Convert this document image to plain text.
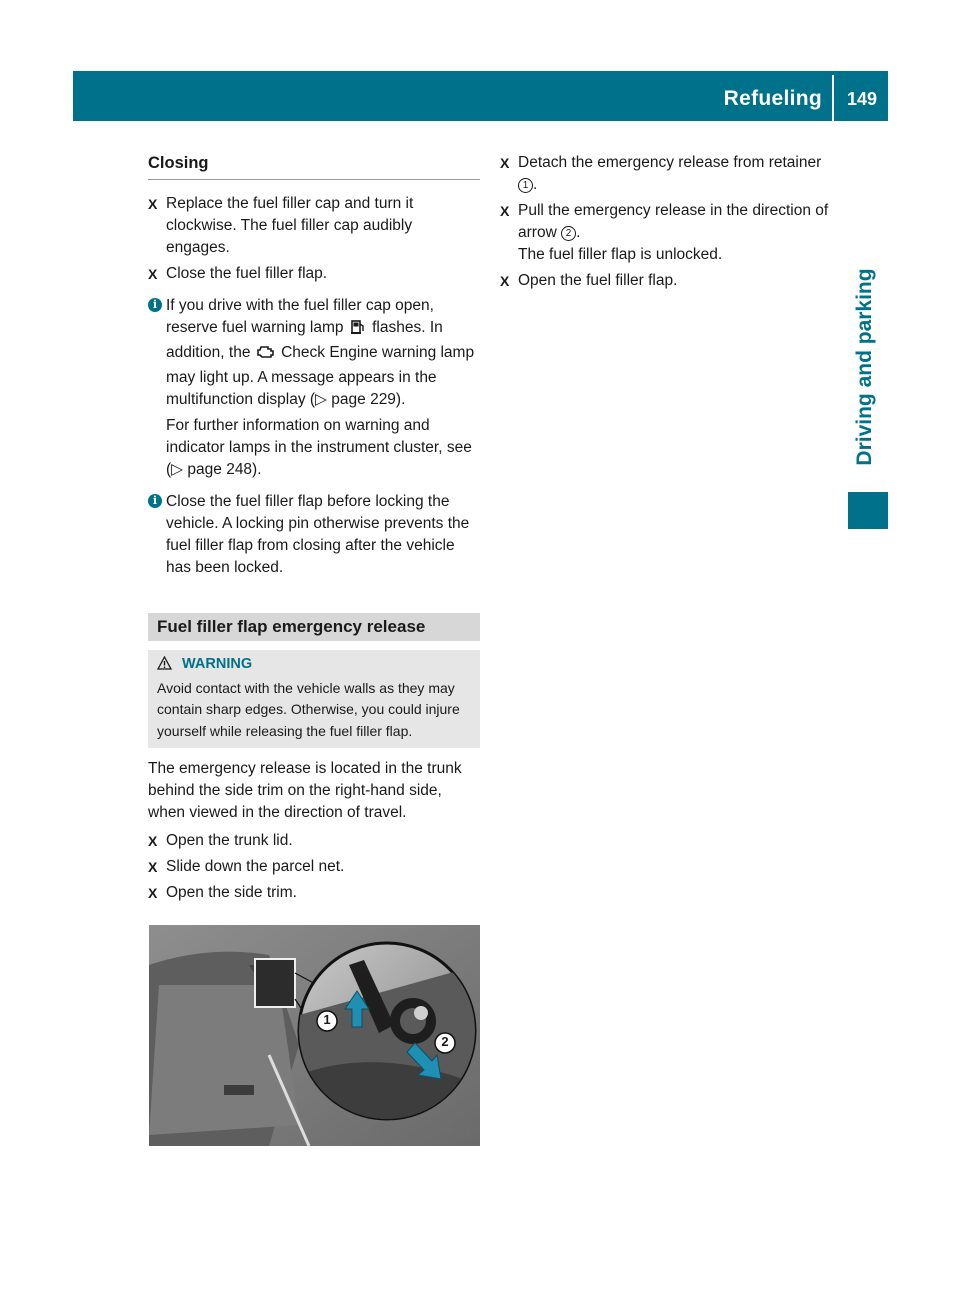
Refueling	149
Driving and parking
Closing
X Replace the fuel filler cap and turn it clockwise. The fuel filler cap audibly engages.
X Close the fuel filler flap.
i If you drive with the fuel filler cap open, reserve fuel warning lamp flashes. In addition, the Check Engine warning lamp may light up. A message appears in the multifunction display (▷ page 229).

For further information on warning and indicator lamps in the instrument cluster, see (▷ page 248).

i Close the fuel filler flap before locking the vehicle. A locking pin otherwise prevents the fuel filler flap from closing after the vehicle has been locked.

Fuel filler flap emergency release
WARNING
Avoid contact with the vehicle walls as they may contain sharp edges. Otherwise, you could injure yourself while releasing the fuel filler flap.

The emergency release is located in the trunk behind the side trim on the right-hand side, when viewed in the direction of travel.

X Open the trunk lid.
X Slide down the parcel net.
X Open the side trim.
1
2
P88.60-2295-31
X Detach the emergency release from retainer 1 .
X Pull the emergency release in the direction of arrow 2 .
The fuel filler flap is unlocked.
X Open the fuel filler flap.
